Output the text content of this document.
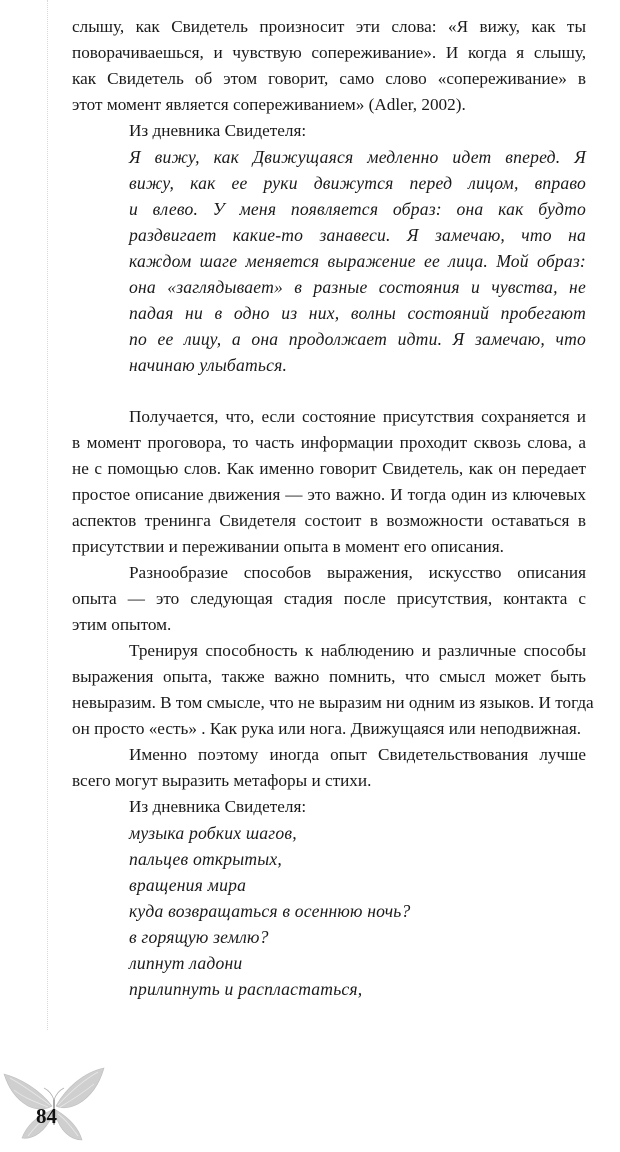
слышу, как Свидетель произносит эти слова: «Я вижу, как ты
поворачиваешься, и чувствую сопереживание». И когда я слышу,
как Свидетель об этом говорит, само слово «сопереживание» в
этот момент является сопереживанием» (Adler, 2002).
Из дневника Свидетеля:
Я вижу, как Движущаяся медленно идет вперед. Я
вижу, как ее руки движутся перед лицом, вправо
и влево. У меня появляется образ: она как будто
раздвигает какие-то занавеси. Я замечаю, что на
каждом шаге меняется выражение ее лица. Мой образ:
она «заглядывает» в разные состояния и чувства, не
падая ни в одно из них, волны состояний пробегают
по ее лицу, а она продолжает идти. Я замечаю, что
начинаю улыбаться.
Получается, что, если состояние присутствия сохраняется и
в момент проговора, то часть информации проходит сквозь слова, а
не с помощью слов. Как именно говорит Свидетель, как он передает
простое описание движения — это важно. И тогда один из ключевых
аспектов тренинга Свидетеля состоит в возможности оставаться в
присутствии и переживании опыта в момент его описания.
Разнообразие способов выражения, искусство описания
опыта — это следующая стадия после присутствия, контакта с
этим опытом.
Тренируя способность к наблюдению и различные способы
выражения опыта, также важно помнить, что смысл может быть
невыразим. В том смысле, что не выразим ни одним из языков. И тогда
он просто «есть» . Как рука или нога. Движущаяся или неподвижная.
Именно поэтому иногда опыт Свидетельствования лучше
всего могут выразить метафоры и стихи.
Из дневника Свидетеля:
музыка робких шагов,
пальцев открытых,
вращения мира
куда возвращаться в осеннюю ночь?
в горящую землю?
липнут ладони
прилипнуть и распластаться,
84
